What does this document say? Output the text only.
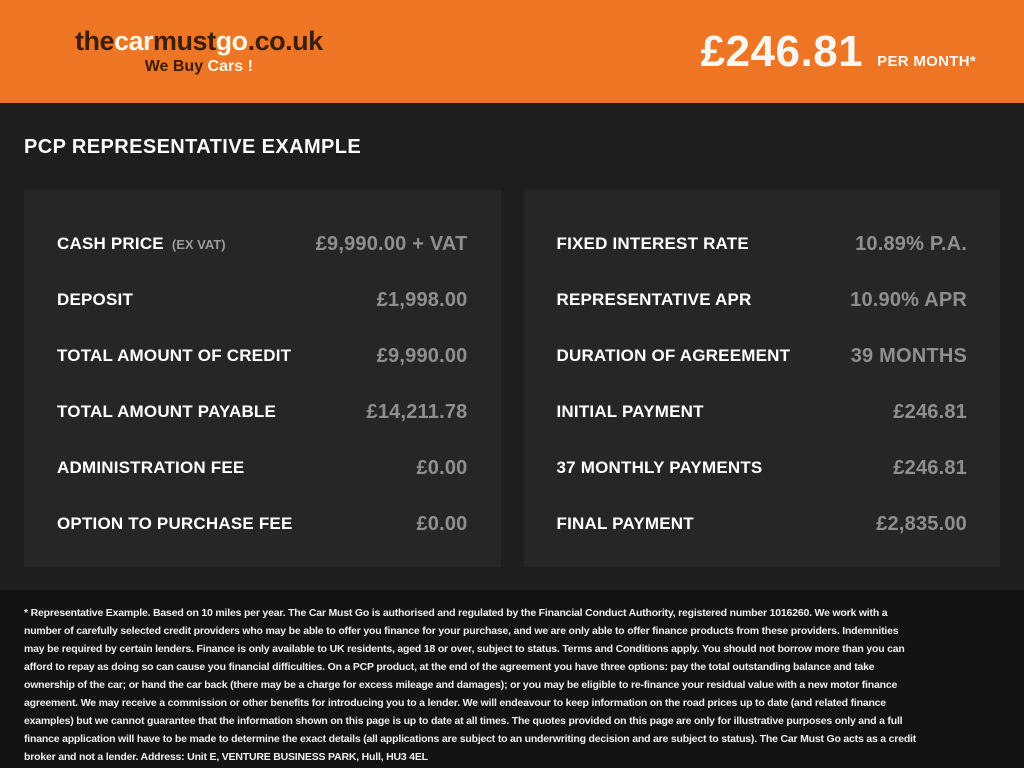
thecarmustgo.co.uk
We Buy Cars !	£246.81 PER MONTH*
PCP REPRESENTATIVE EXAMPLE
CASH PRICE (EX VAT)	£9,990.00 + VAT
DEPOSIT	£1,998.00
TOTAL AMOUNT OF CREDIT	£9,990.00
TOTAL AMOUNT PAYABLE	£14,211.78
ADMINISTRATION FEE	£0.00
OPTION TO PURCHASE FEE	£0.00
FIXED INTEREST RATE	10.89% P.A.
REPRESENTATIVE APR	10.90% APR
DURATION OF AGREEMENT	39 MONTHS
INITIAL PAYMENT	£246.81
37 MONTHLY PAYMENTS	£246.81
FINAL PAYMENT	£2,835.00
* Representative Example. Based on 10 miles per year. The Car Must Go is authorised and regulated by the Financial Conduct Authority, registered number 1016260. We work with a number of carefully selected credit providers who may be able to offer you finance for your purchase, and we are only able to offer finance products from these providers. Indemnities may be required by certain lenders. Finance is only available to UK residents, aged 18 or over, subject to status. Terms and Conditions apply. You should not borrow more than you can afford to repay as doing so can cause you financial difficulties. On a PCP product, at the end of the agreement you have three options: pay the total outstanding balance and take ownership of the car; or hand the car back (there may be a charge for excess mileage and damages); or you may be eligible to re-finance your residual value with a new motor finance agreement. We may receive a commission or other benefits for introducing you to a lender. We will endeavour to keep information on the road prices up to date (and related finance examples) but we cannot guarantee that the information shown on this page is up to date at all times. The quotes provided on this page are only for illustrative purposes only and a full finance application will have to be made to determine the exact details (all applications are subject to an underwriting decision and are subject to status). The Car Must Go acts as a credit broker and not a lender. Address: Unit E, VENTURE BUSINESS PARK, Hull, HU3 4EL
